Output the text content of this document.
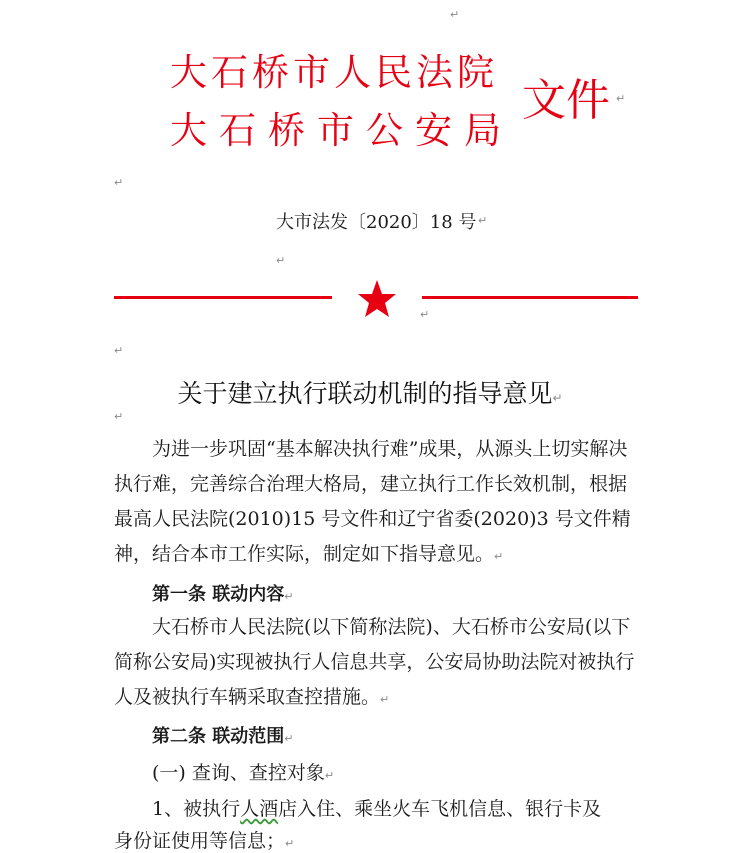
↵
大石桥市人民法院
大石桥市公安局
文件 ↵
↵
大市法发〔2020〕18 号 ↵
↵
↵
↵
关于建立执行联动机制的指导意见↵
↵
为进一步巩固“基本解决执行难”成果，从源头上切实解决执行难，完善综合治理大格局，建立执行工作长效机制，根据最高人民法院(2010)15 号文件和辽宁省委(2020)3 号文件精神，结合本市工作实际，制定如下指导意见。↵
第一条 联动内容↵
大石桥市人民法院(以下简称法院)、大石桥市公安局(以下简称公安局)实现被执行人信息共享，公安局协助法院对被执行人及被执行车辆采取查控措施。↵
第二条 联动范围↵
(一) 查询、查控对象↵
1、被执行人酒店入住、乘坐火车飞机信息、银行卡及
身份证使用等信息；↵
